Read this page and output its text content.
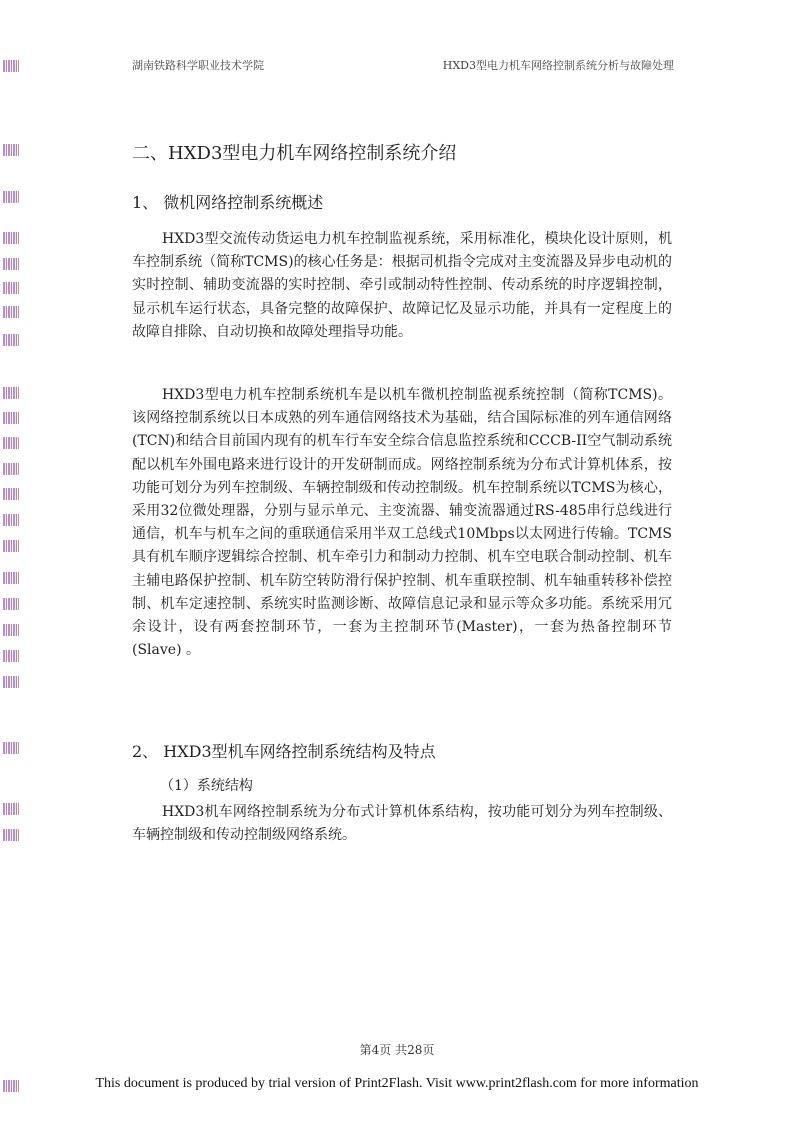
湖南铁路科学职业技术学院	HXD3型电力机车网络控制系统分析与故障处理
二、HXD3型电力机车网络控制系统介绍
1、 微机网络控制系统概述

HXD3型交流传动货运电力机车控制监视系统，采用标准化，模块化设计原则，机车控制系统（简称TCMS)的核心任务是：根据司机指令完成对主变流器及异步电动机的实时控制、辅助变流器的实时控制、牵引或制动特性控制、传动系统的时序逻辑控制，显示机车运行状态，具备完整的故障保护、故障记忆及显示功能，并具有一定程度上的故障自排除、自动切换和故障处理指导功能。

HXD3型电力机车控制系统机车是以机车微机控制监视系统控制（简称TCMS)。该网络控制系统以日本成熟的列车通信网络技术为基础，结合国际标准的列车通信网络(TCN)和结合目前国内现有的机车行车安全综合信息监控系统和CCCB-II空气制动系统配以机车外围电路来进行设计的开发研制而成。网络控制系统为分布式计算机体系，按功能可划分为列车控制级、车辆控制级和传动控制级。机车控制系统以TCMS为核心，采用32位微处理器，分别与显示单元、主变流器、辅变流器通过RS-485串行总线进行通信，机车与机车之间的重联通信采用半双工总线式10Mbps以太网进行传输。TCMS具有机车顺序逻辑综合控制、机车牵引力和制动力控制、机车空电联合制动控制、机车主辅电路保护控制、机车防空转防滑行保护控制、机车重联控制、机车轴重转移补偿控制、机车定速控制、系统实时监测诊断、故障信息记录和显示等众多功能。系统采用冗余设计，设有两套控制环节，一套为主控制环节(Master)，一套为热备控制环节(Slave) 。

2、 HXD3型机车网络控制系统结构及特点
（1）系统结构

HXD3机车网络控制系统为分布式计算机体系结构，按功能可划分为列车控制级、车辆控制级和传动控制级网络系统。

第4页 共28页
This document is produced by trial version of Print2Flash. Visit www.print2flash.com for more information
